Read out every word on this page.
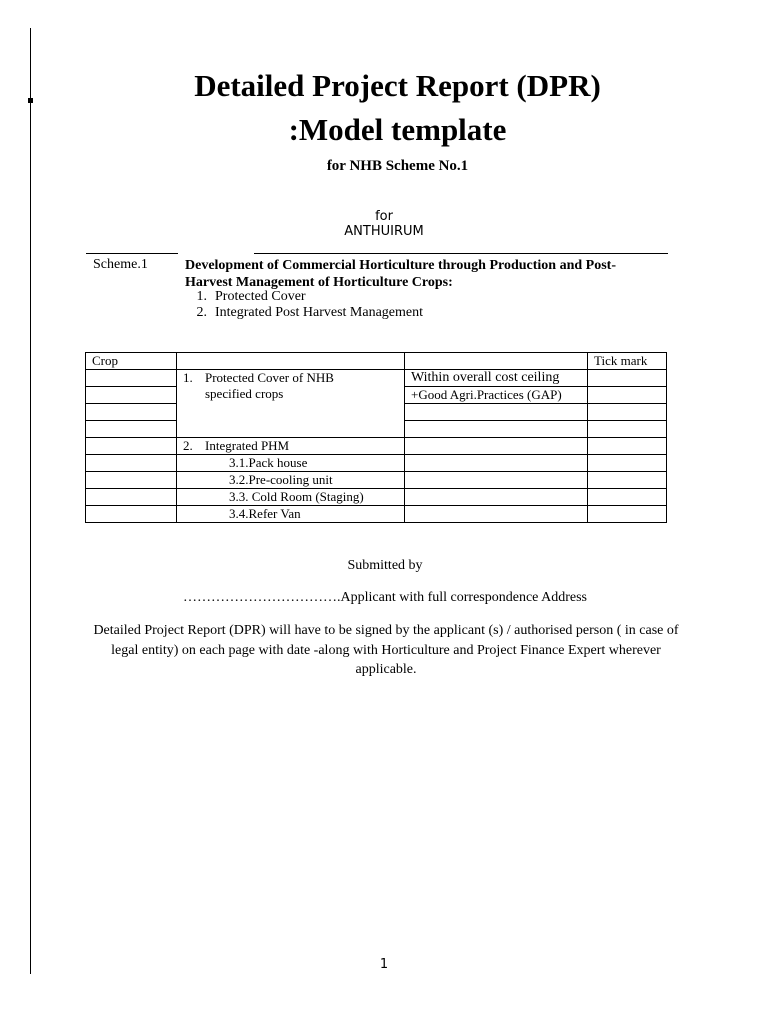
Detailed Project Report (DPR)
:Model template
for NHB Scheme No.1
for
ANTHUIRUM
Scheme.1	Development of Commercial Horticulture through Production and Post-Harvest Management of Horticulture Crops:
1. Protected Cover
2. Integrated Post Harvest Management
Crop			Tick mark

	1. Protected Cover of NHB specified crops	Within overall cost ceiling	
		+Good Agri.Practices (GAP)	

	2. Integrated PHM		
	3.1.Pack house		
	3.2.Pre-cooling unit		
	3.3. Cold Room (Staging)		
	3.4.Refer Van		
Submitted by
…………………………….Applicant with full correspondence Address
Detailed Project Report (DPR) will have to be signed by the applicant (s) / authorised person ( in case of legal entity) on each page with date -along with Horticulture and Project Finance Expert wherever applicable.
1
